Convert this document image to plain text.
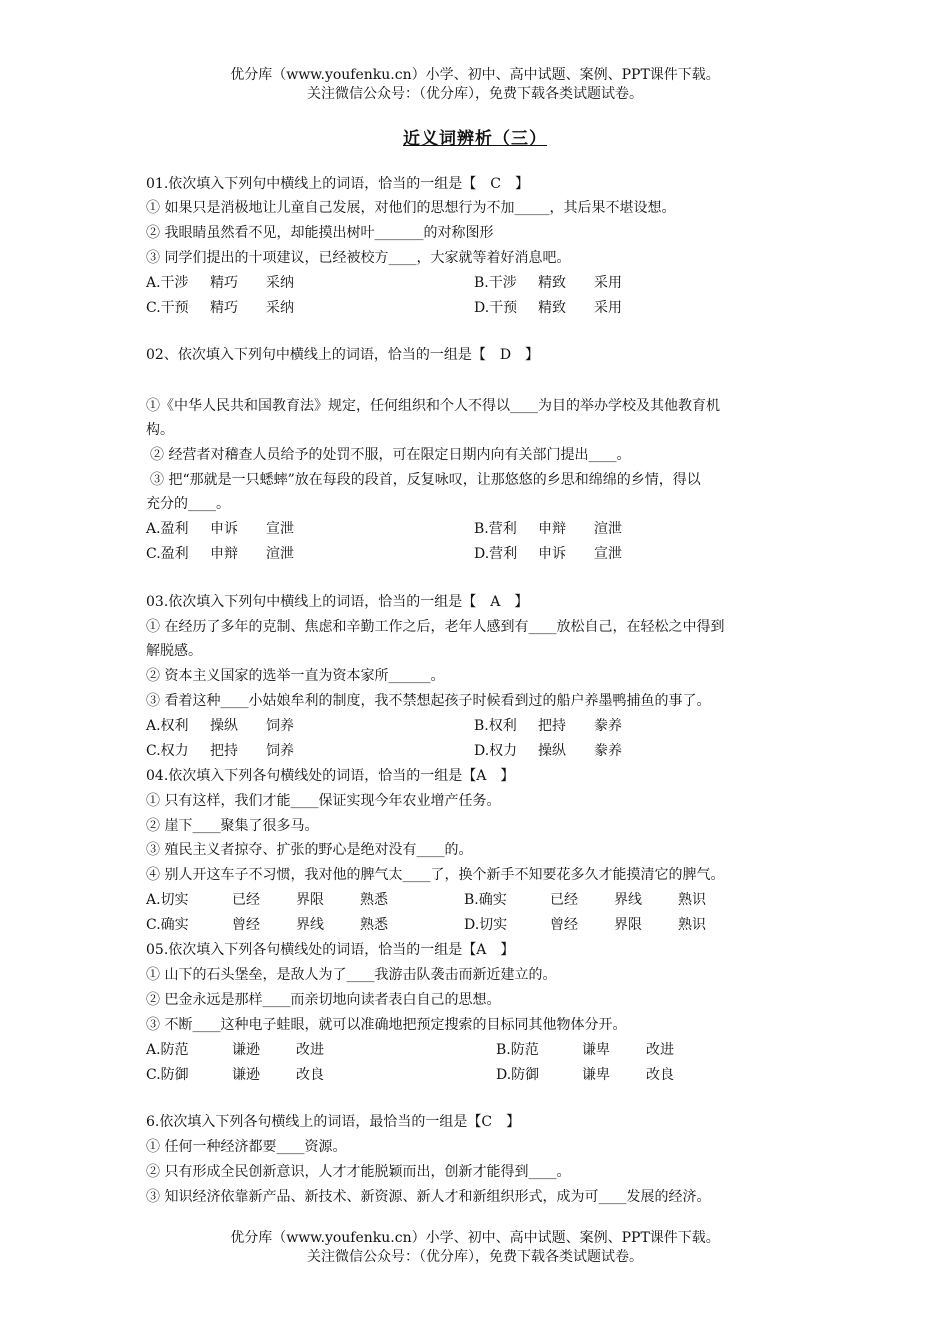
优分库（www.youfenku.cn）小学、初中、高中试题、案例、PPT课件下载。
关注微信公众号：（优分库），免费下载各类试题试卷。
近义词辨析（三）
01.依次填入下列句中横线上的词语，恰当的一组是【　C　】
① 如果只是消极地让儿童自己发展，对他们的思想行为不加_____，其后果不堪设想。
② 我眼睛虽然看不见，却能摸出树叶_______的对称图形
③ 同学们提出的十项建议，已经被校方____，大家就等着好消息吧。
A.干涉 精巧 采纳	B.干涉 精致 采用
C.干预 精巧 采纳	D.干预 精致 采用
02、依次填入下列句中横线上的词语，恰当的一组是【　D　】
①《中华人民共和国教育法》规定，任何组织和个人不得以____为目的举办学校及其他教育机
构。
② 经营者对稽查人员给予的处罚不服，可在限定日期内向有关部门提出____。
③ 把“那就是一只蟋蟀”放在每段的段首，反复咏叹，让那悠悠的乡思和绵绵的乡情，得以
充分的____。
A.盈利 申诉 宣泄	B.营利 申辩 渲泄
C.盈利 申辩 渲泄	D.营利 申诉 宣泄
03.依次填入下列句中横线上的词语，恰当的一组是【　A　】
① 在经历了多年的克制、焦虑和辛勤工作之后，老年人感到有____放松自己，在轻松之中得到
解脱感。
② 资本主义国家的选举一直为资本家所______。
③ 看着这种____小姑娘牟利的制度，我不禁想起孩子时候看到过的船户养墨鸭捕鱼的事了。
A.权利 操纵 饲养	B.权利 把持 豢养
C.权力 把持 饲养	D.权力 操纵 豢养
04.依次填入下列各句横线处的词语，恰当的一组是【A　】
① 只有这样，我们才能____保证实现今年农业增产任务。
② 崖下____聚集了很多马。
③ 殖民主义者掠夺、扩张的野心是绝对没有____的。
④ 别人开这车子不习惯，我对他的脾气太____了，换个新手不知要花多久才能摸清它的脾气。
A.切实	已经	界限	熟悉	B.确实	已经	界线	熟识
C.确实	曾经	界线	熟悉	D.切实	曾经	界限	熟识
05.依次填入下列各句横线处的词语，恰当的一组是【A　】
① 山下的石头堡垒，是敌人为了____我游击队袭击而新近建立的。
② 巴金永远是那样____而亲切地向读者表白自己的思想。
③ 不断____这种电子蛙眼，就可以准确地把预定搜索的目标同其他物体分开。
A.防范	谦逊	改进	B.防范	谦卑	改进
C.防御	谦逊	改良	D.防御	谦卑	改良
6.依次填入下列各句横线上的词语，最恰当的一组是【C　】
① 任何一种经济都要____资源。
② 只有形成全民创新意识，人才才能脱颖而出，创新才能得到____。
③ 知识经济依靠新产品、新技术、新资源、新人才和新组织形式，成为可____发展的经济。
优分库（www.youfenku.cn）小学、初中、高中试题、案例、PPT课件下载。
关注微信公众号：（优分库），免费下载各类试题试卷。
